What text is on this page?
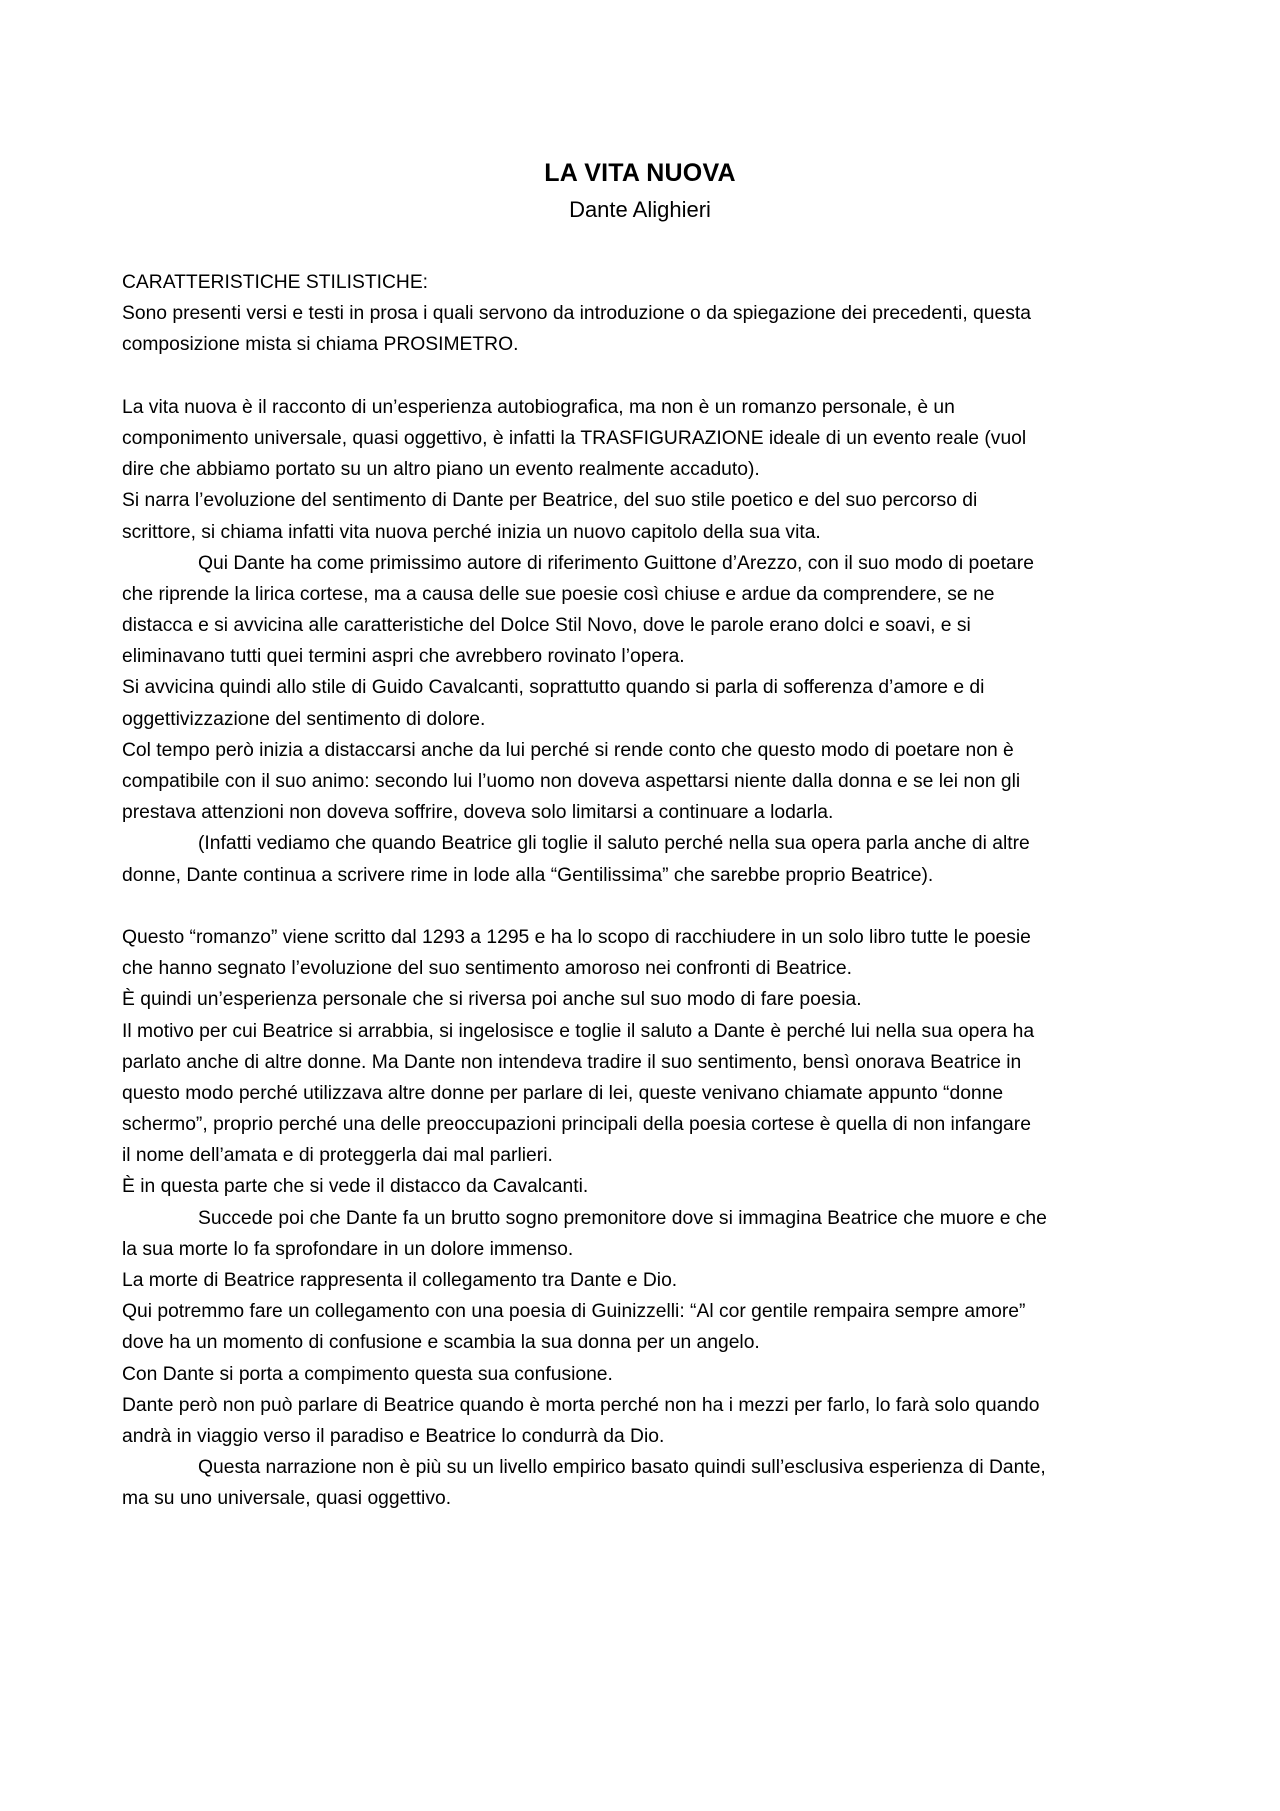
LA VITA NUOVA
Dante Alighieri
CARATTERISTICHE STILISTICHE:
Sono presenti versi e testi in prosa i quali servono da introduzione o da spiegazione dei precedenti, questa
composizione mista si chiama PROSIMETRO.
La vita nuova è il racconto di un’esperienza autobiografica, ma non è un romanzo personale, è un
componimento universale, quasi oggettivo, è infatti la TRASFIGURAZIONE ideale di un evento reale (vuol
dire che abbiamo portato su un altro piano un evento realmente accaduto).
Si narra l’evoluzione del sentimento di Dante per Beatrice, del suo stile poetico e del suo percorso di
scrittore, si chiama infatti vita nuova perché inizia un nuovo capitolo della sua vita.
Qui Dante ha come primissimo autore di riferimento Guittone d’Arezzo, con il suo modo di poetare
che riprende la lirica cortese, ma a causa delle sue poesie così chiuse e ardue da comprendere, se ne
distacca e si avvicina alle caratteristiche del Dolce Stil Novo, dove le parole erano dolci e soavi, e si
eliminavano tutti quei termini aspri che avrebbero rovinato l’opera.
Si avvicina quindi allo stile di Guido Cavalcanti, soprattutto quando si parla di sofferenza d’amore e di
oggettivizzazione del sentimento di dolore.
Col tempo però inizia a distaccarsi anche da lui perché si rende conto che questo modo di poetare non è
compatibile con il suo animo: secondo lui l’uomo non doveva aspettarsi niente dalla donna e se lei non gli
prestava attenzioni non doveva soffrire, doveva solo limitarsi a continuare a lodarla.
(Infatti vediamo che quando Beatrice gli toglie il saluto perché nella sua opera parla anche di altre
donne, Dante continua a scrivere rime in lode alla “Gentilissima” che sarebbe proprio Beatrice).
Questo “romanzo” viene scritto dal 1293 a 1295 e ha lo scopo di racchiudere in un solo libro tutte le poesie
che hanno segnato l’evoluzione del suo sentimento amoroso nei confronti di Beatrice.
È quindi un’esperienza personale che si riversa poi anche sul suo modo di fare poesia.
Il motivo per cui Beatrice si arrabbia, si ingelosisce e toglie il saluto a Dante è perché lui nella sua opera ha
parlato anche di altre donne. Ma Dante non intendeva tradire il suo sentimento, bensì onorava Beatrice in
questo modo perché utilizzava altre donne per parlare di lei, queste venivano chiamate appunto “donne
schermo”, proprio perché una delle preoccupazioni principali della poesia cortese è quella di non infangare
il nome dell’amata e di proteggerla dai mal parlieri.
È in questa parte che si vede il distacco da Cavalcanti.
Succede poi che Dante fa un brutto sogno premonitore dove si immagina Beatrice che muore e che
la sua morte lo fa sprofondare in un dolore immenso.
La morte di Beatrice rappresenta il collegamento tra Dante e Dio.
Qui potremmo fare un collegamento con una poesia di Guinizzelli: “Al cor gentile rempaira sempre amore”
dove ha un momento di confusione e scambia la sua donna per un angelo.
Con Dante si porta a compimento questa sua confusione.
Dante però non può parlare di Beatrice quando è morta perché non ha i mezzi per farlo, lo farà solo quando
andrà in viaggio verso il paradiso e Beatrice lo condurrà da Dio.
Questa narrazione non è più su un livello empirico basato quindi sull’esclusiva esperienza di Dante,
ma su uno universale, quasi oggettivo.
